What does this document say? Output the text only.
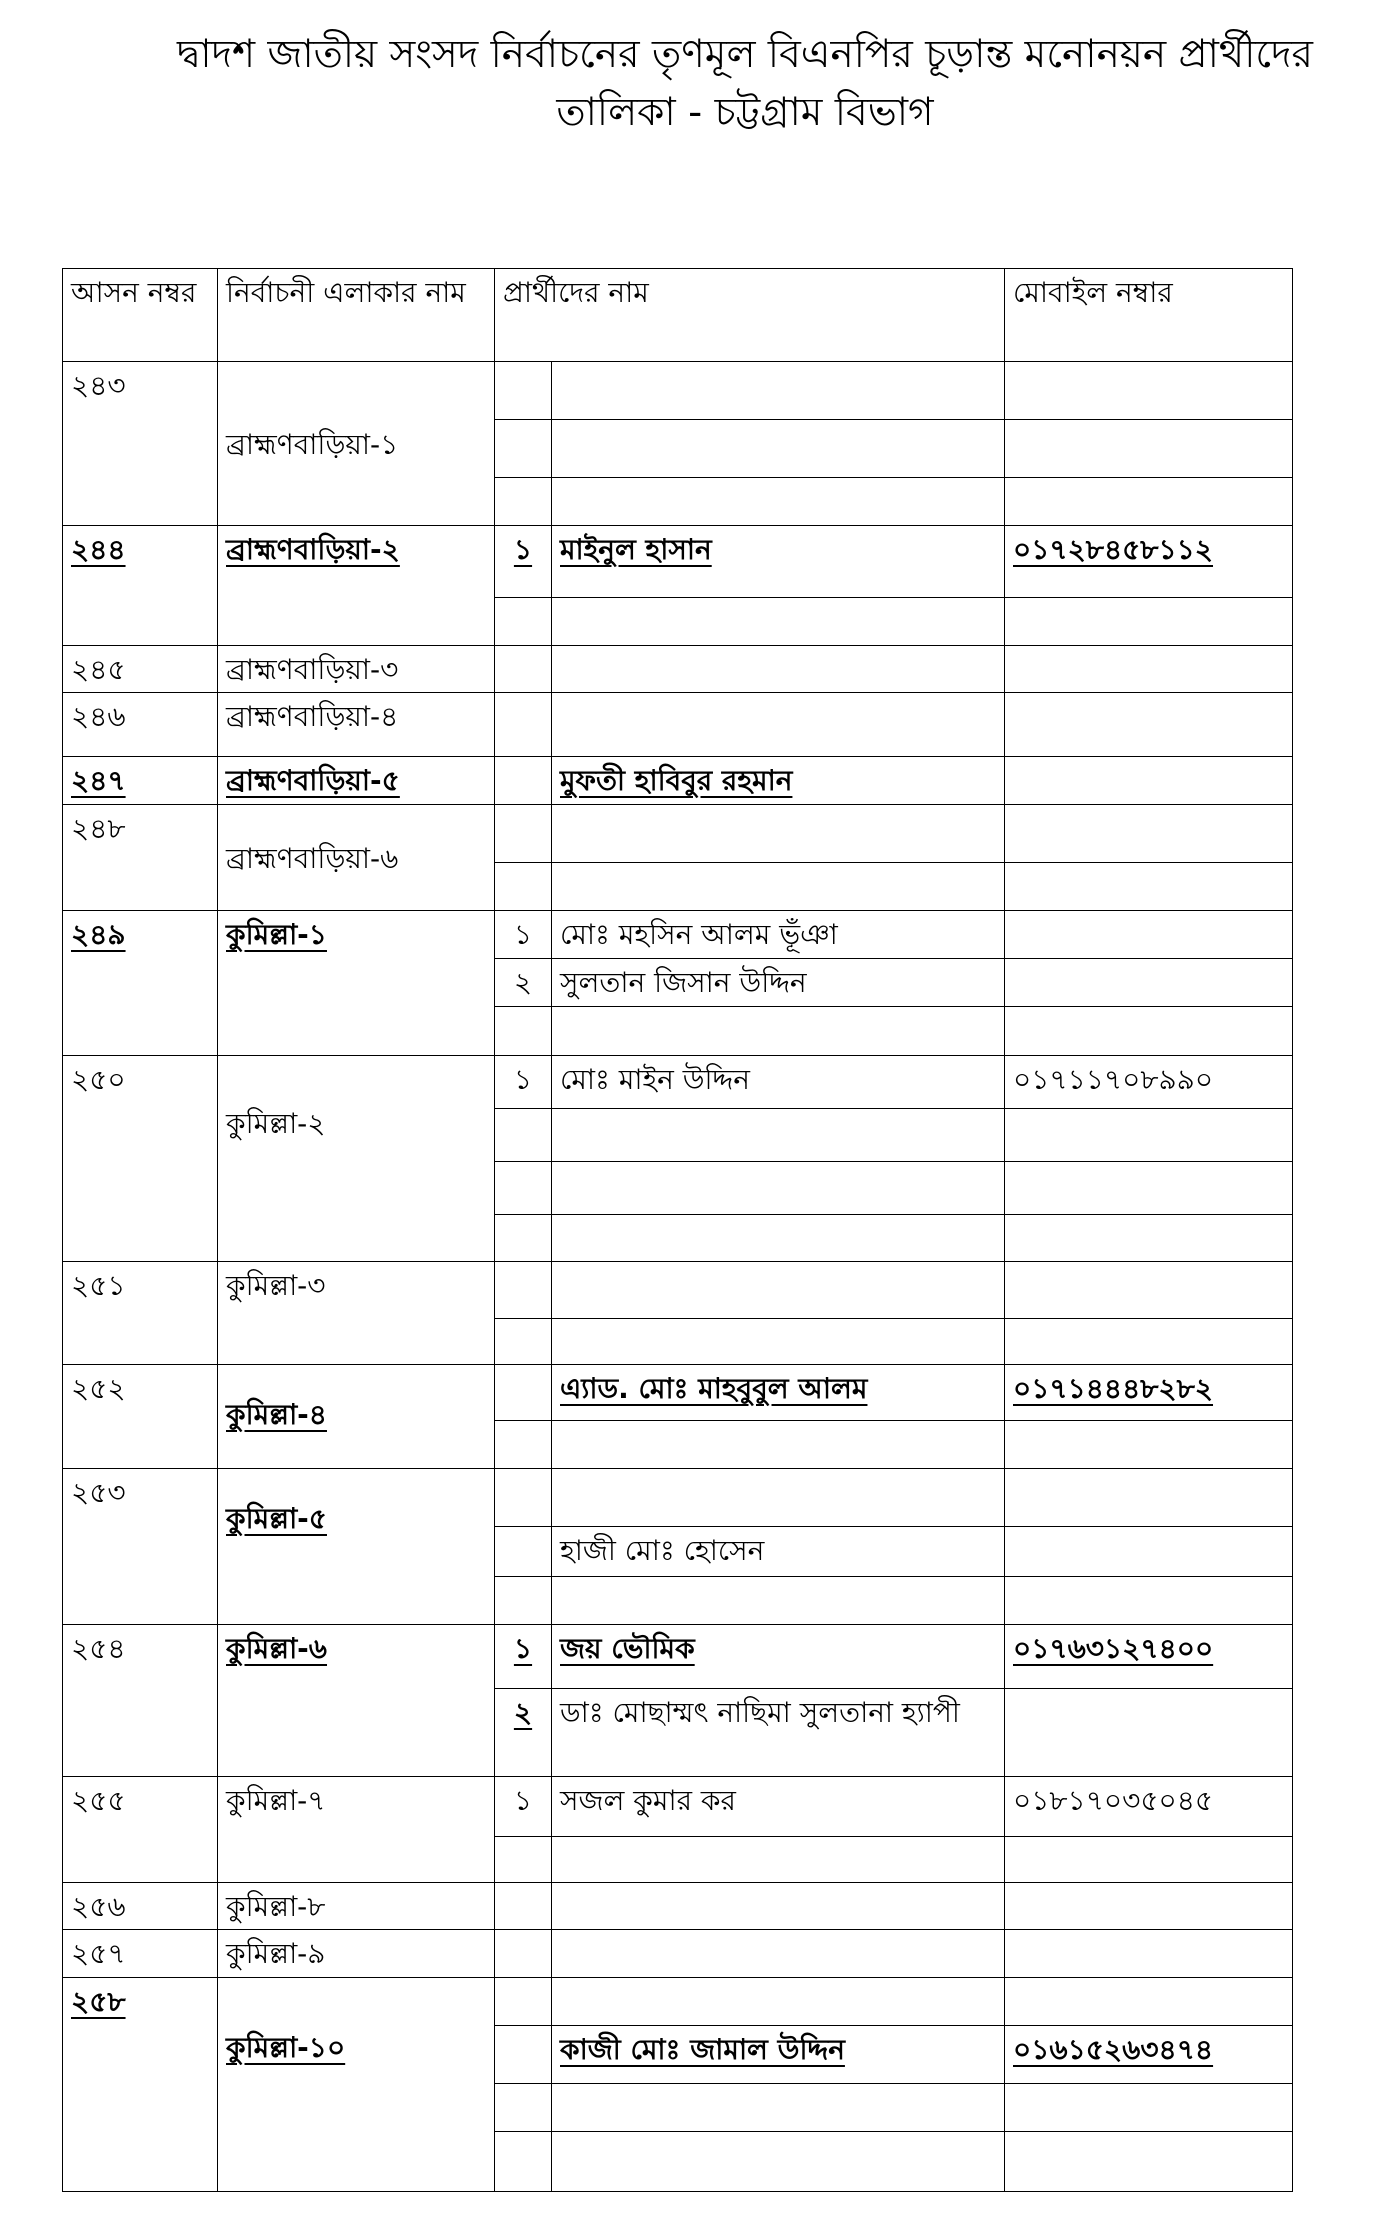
দ্বাদশ জাতীয় সংসদ নির্বাচনের তৃণমূল বিএনপির চূড়ান্ত মনোনয়ন প্রার্থীদের
তালিকা - চট্টগ্রাম বিভাগ
আসন নম্বর	নির্বাচনী এলাকার নাম	প্রার্থীদের নাম		মোবাইল নম্বার
২৪৩	ব্রাহ্মণবাড়িয়া-১			

২৪৪	ব্রাহ্মণবাড়িয়া-২	১	মাইনুল হাসান	০১৭২৮৪৫৮১১২

২৪৫	ব্রাহ্মণবাড়িয়া-৩			
২৪৬	ব্রাহ্মণবাড়িয়া-৪			
২৪৭	ব্রাহ্মণবাড়িয়া-৫		মুফতী হাবিবুর রহমান	
২৪৮	ব্রাহ্মণবাড়িয়া-৬			

২৪৯	কুমিল্লা-১	১	মোঃ মহসিন আলম ভূঁঞা	
		২	সুলতান জিসান উদ্দিন	

২৫০	কুমিল্লা-২	১	মোঃ মাইন উদ্দিন	০১৭১১৭০৮৯৯০

২৫১	কুমিল্লা-৩			

২৫২	কুমিল্লা-৪		এ্যাড. মোঃ মাহবুবুল আলম	০১৭১৪৪৪৮২৮২

২৫৩	কুমিল্লা-৫			
			হাজী মোঃ হোসেন	

২৫৪	কুমিল্লা-৬	১	জয় ভৌমিক	০১৭৬৩১২৭৪০০
		২	ডাঃ মোছাম্মৎ নাছিমা সুলতানা হ্যাপী	
২৫৫	কুমিল্লা-৭	১	সজল কুমার কর	০১৮১৭০৩৫০৪৫

২৫৬	কুমিল্লা-৮			
২৫৭	কুমিল্লা-৯			
২৫৮	কুমিল্লা-১০			
			কাজী মোঃ জামাল উদ্দিন	০১৬১৫২৬৩৪৭৪
